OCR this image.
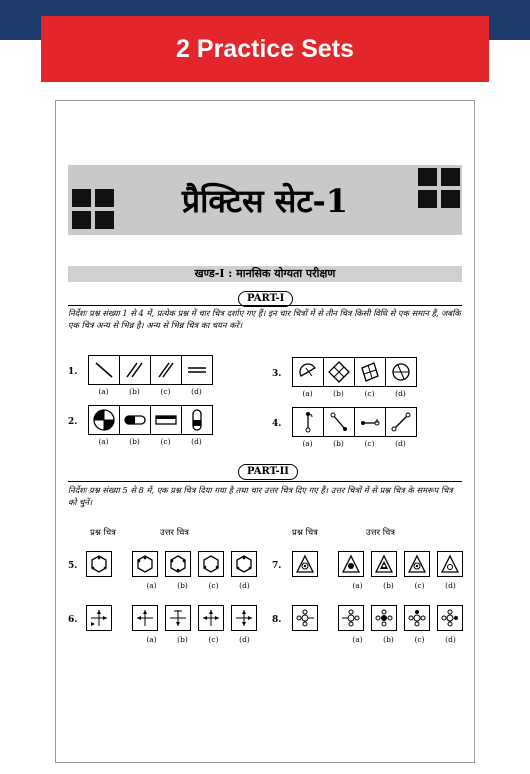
2 Practice Sets
प्रैक्टिस सेट-1
खण्ड-I : मानसिक योग्यता परीक्षण
PART-I
निर्देशः प्रश्न संख्या 1 से 4 में, प्रत्येक प्रश्न में चार चित्र दर्शाए गए हैं। इन चार चित्रों में से तीन चित्र किसी विधि से एक समान हैं, जबकि एक चित्र अन्य से भिन्न है। अन्य से भिन्न चित्र का चयन करें।
1.
(a)	(b)	(c)	(d)
2.
(a)	(b)	(c)	(d)
3.
(a)	(b)	(c)	(d)
4.
(a)	(b)	(c)	(d)
PART-II
निर्देशः प्रश्न संख्या 5 से 8 में, एक प्रश्न चित्र दिया गया है तथा चार उत्तर चित्र दिए गए हैं। उत्तर चित्रों में से प्रश्न चित्र के समरूप चित्र को चुनें।
प्रश्न चित्र	उत्तर चित्र	प्रश्न चित्र	उत्तर चित्र
5.
(a)	(b)	(c)	(d)
6.
(a)	(b)	(c)	(d)
7.
(a)	(b)	(c)	(d)
8.
(a)	(b)	(c)	(d)
